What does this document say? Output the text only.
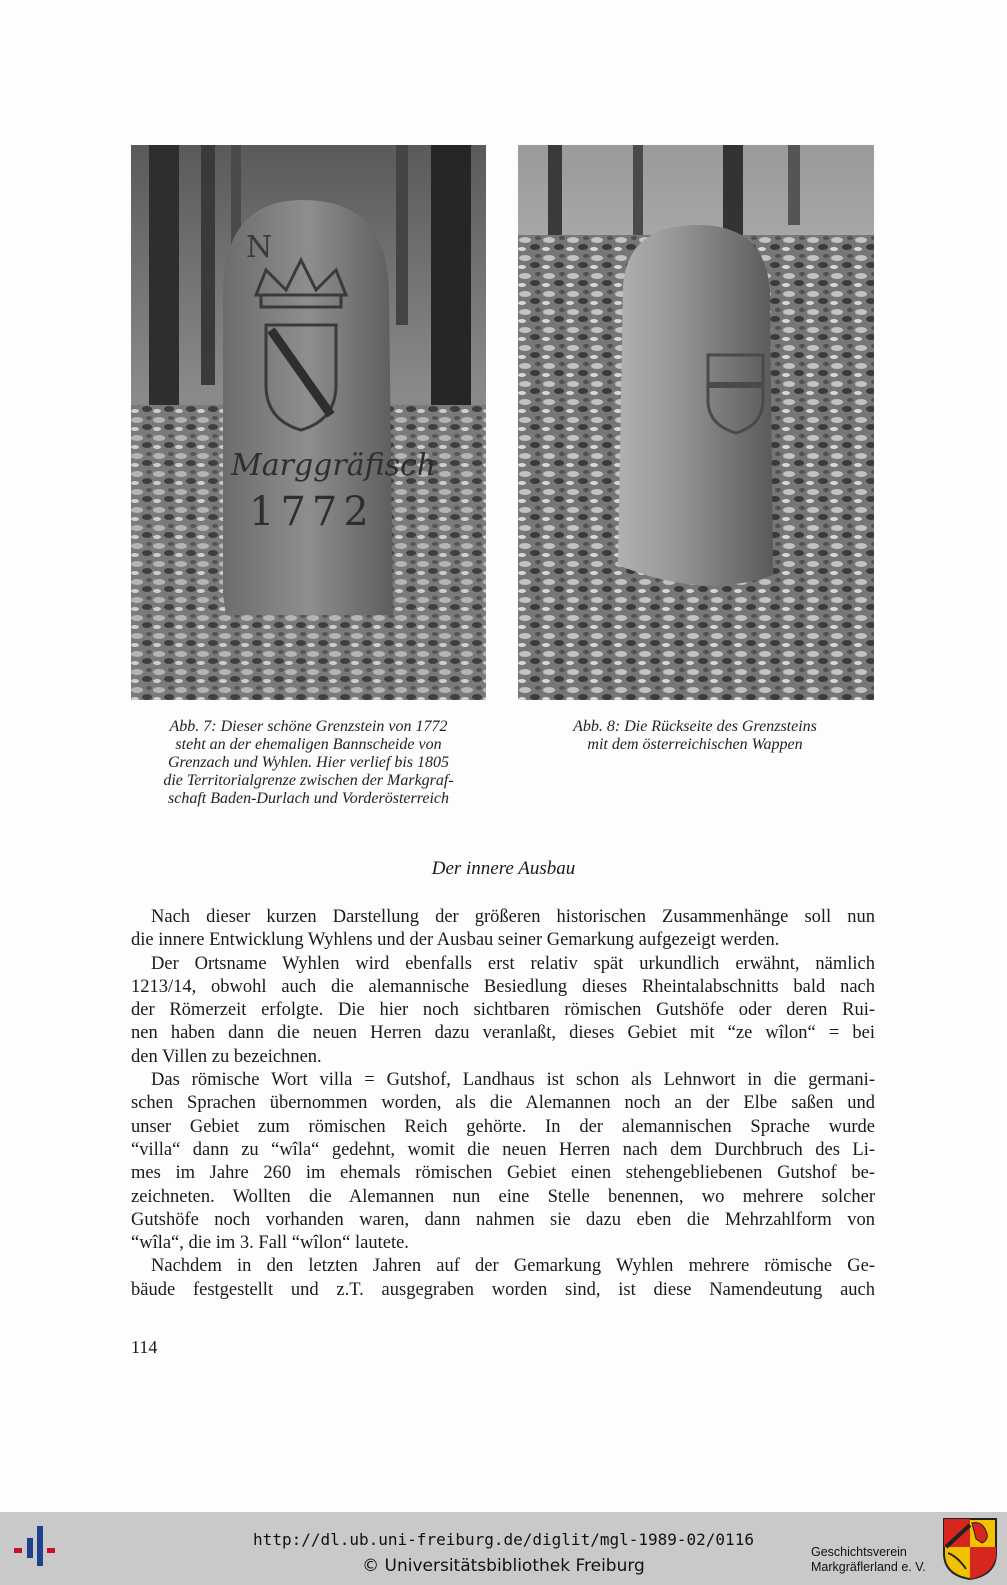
N
Marggräfisch
1772
Abb. 7: Dieser schöne Grenzstein von 1772
steht an der ehemaligen Bannscheide von
Grenzach und Wyhlen. Hier verlief bis 1805
die Territorialgrenze zwischen der Markgraf-
schaft Baden-Durlach und Vorderösterreich
Abb. 8: Die Rückseite des Grenzsteins
mit dem österreichischen Wappen
Der innere Ausbau

Nach dieser kurzen Darstellung der größeren historischen Zusammenhänge soll nun
die innere Entwicklung Wyhlens und der Ausbau seiner Gemarkung aufgezeigt werden.

Der Ortsname Wyhlen wird ebenfalls erst relativ spät urkundlich erwähnt, nämlich
1213/14, obwohl auch die alemannische Besiedlung dieses Rheintalabschnitts bald nach
der Römerzeit erfolgte. Die hier noch sichtbaren römischen Gutshöfe oder deren Rui-
nen haben dann die neuen Herren dazu veranlaßt, dieses Gebiet mit “ze wîlon“ = bei
den Villen zu bezeichnen.

Das römische Wort villa = Gutshof, Landhaus ist schon als Lehnwort in die germani-
schen Sprachen übernommen worden, als die Alemannen noch an der Elbe saßen und
unser Gebiet zum römischen Reich gehörte. In der alemannischen Sprache wurde
“villa“ dann zu “wîla“ gedehnt, womit die neuen Herren nach dem Durchbruch des Li-
mes im Jahre 260 im ehemals römischen Gebiet einen stehengebliebenen Gutshof be-
zeichneten. Wollten die Alemannen nun eine Stelle benennen, wo mehrere solcher
Gutshöfe noch vorhanden waren, dann nahmen sie dazu eben die Mehrzahlform von
“wîla“, die im 3. Fall “wîlon“ lautete.

Nachdem in den letzten Jahren auf der Gemarkung Wyhlen mehrere römische Ge-
bäude festgestellt und z.T. ausgegraben worden sind, ist diese Namendeutung auch

114
http://dl.ub.uni-freiburg.de/diglit/mgl-1989-02/0116
© Universitätsbibliothek Freiburg
Geschichtsverein
Markgräflerland e. V.
